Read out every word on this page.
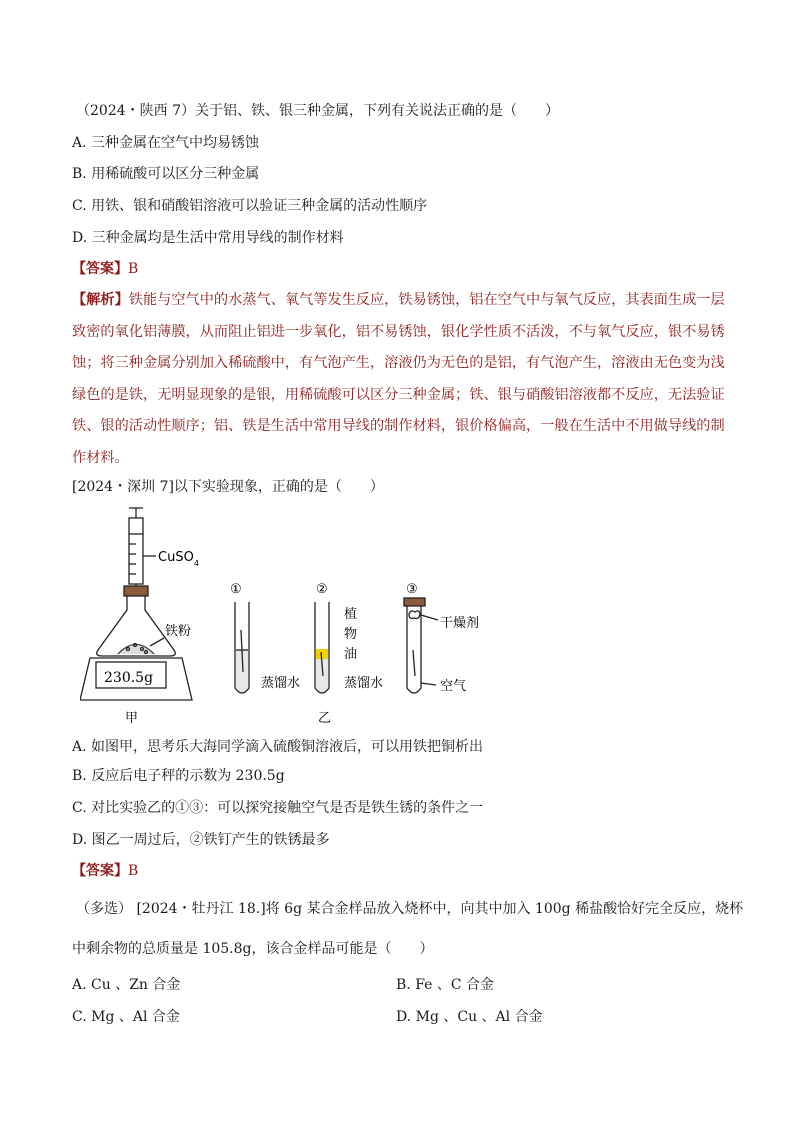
（2024・陕西 7）关于铝、铁、银三种金属，下列有关说法正确的是（　　）
A. 三种金属在空气中均易锈蚀
B. 用稀硫酸可以区分三种金属
C. 用铁、银和硝酸铝溶液可以验证三种金属的活动性顺序
D. 三种金属均是生活中常用导线的制作材料
【答案】B
【解析】铁能与空气中的水蒸气、氧气等发生反应，铁易锈蚀，铝在空气中与氧气反应，其表面生成一层
致密的氧化铝薄膜，从而阻止铝进一步氧化，铝不易锈蚀，银化学性质不活泼，不与氧气反应，银不易锈
蚀；将三种金属分别加入稀硫酸中，有气泡产生，溶液仍为无色的是铝，有气泡产生，溶液由无色变为浅
绿色的是铁，无明显现象的是银，用稀硫酸可以区分三种金属；铁、银与硝酸铝溶液都不反应，无法验证
铁、银的活动性顺序；铝、铁是生活中常用导线的制作材料，银价格偏高，一般在生活中不用做导线的制
作材料。
[2024・深圳 7]以下实验现象，正确的是（　　）
CuSO$_4$
铁粉
230.5g
甲
①
蒸馏水
②
植
物
油
蒸馏水
乙
③
干燥剂
空气
A. 如图甲，思考乐大海同学滴入硫酸铜溶液后，可以用铁把铜析出
B. 反应后电子秤的示数为 230.5g
C. 对比实验乙的①③：可以探究接触空气是否是铁生锈的条件之一
D. 图乙一周过后，②铁钉产生的铁锈最多
【答案】B
（多选） [2024・牡丹江 18.]将 6g 某合金样品放入烧杯中，向其中加入 100g 稀盐酸恰好完全反应，烧杯
中剩余物的总质量是 105.8g，该合金样品可能是（　　）
A. Cu 、Zn 合金	B. Fe 、C 合金
C. Mg 、Al 合金	D. Mg 、Cu 、Al 合金
